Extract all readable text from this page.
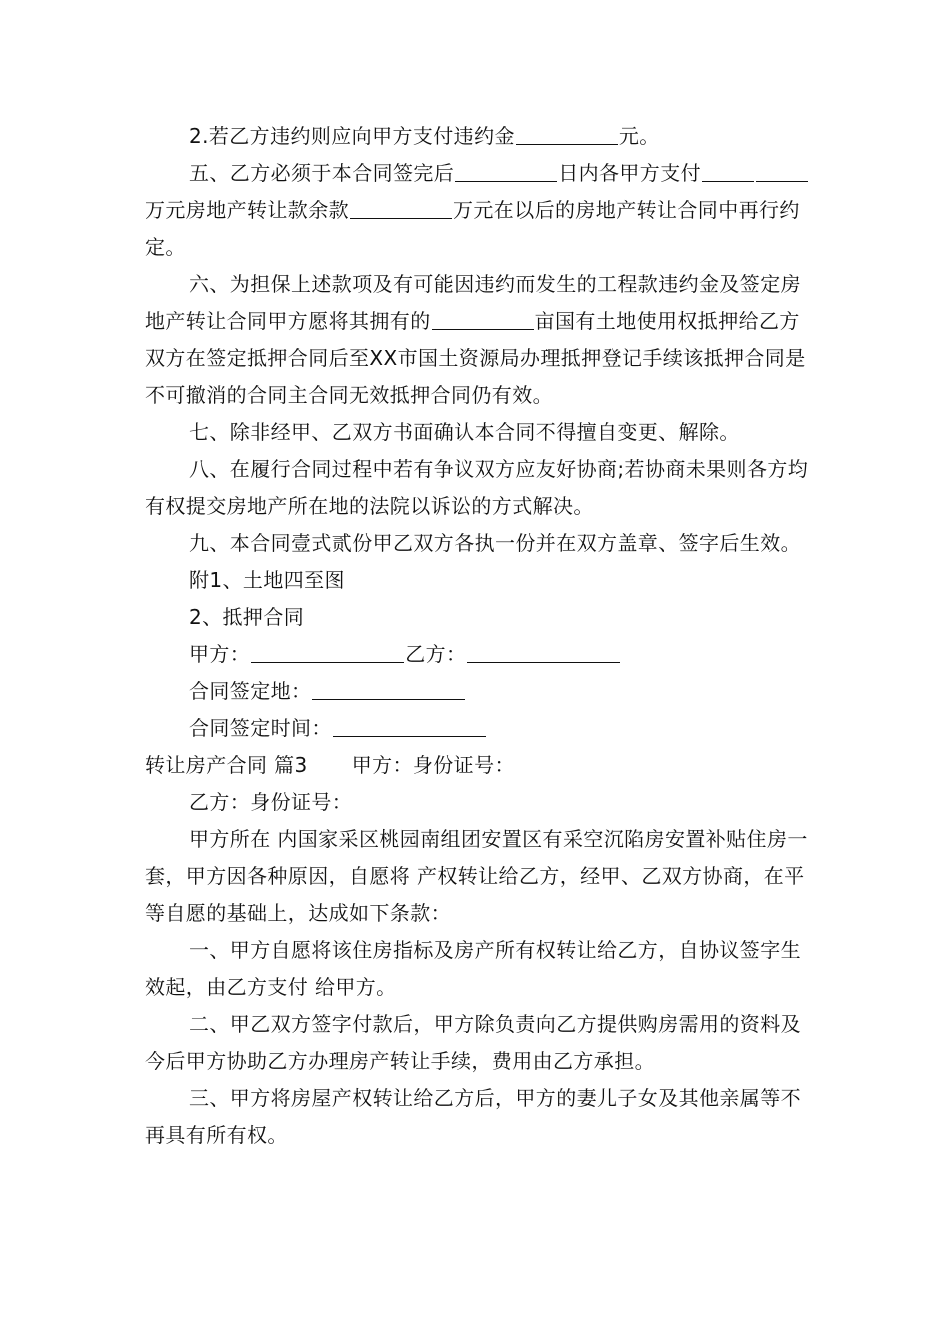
2.若乙方违约则应向甲方支付违约金	元。

五、乙方必须于本合同签完后	日内各甲方支付万元房地产转让款余款	万元在以后的房地产转让合同中再行约定。

六、为担保上述款项及有可能因违约而发生的工程款违约金及签定房地产转让合同甲方愿将其拥有的	亩国有土地使用权抵押给乙方双方在签定抵押合同后至XX市国土资源局办理抵押登记手续该抵押合同是不可撤消的合同主合同无效抵押合同仍有效。

七、除非经甲、乙双方书面确认本合同不得擅自变更、解除。

八、在履行合同过程中若有争议双方应友好协商;若协商未果则各方均有权提交房地产所在地的法院以诉讼的方式解决。

九、本合同壹式贰份甲乙双方各执一份并在双方盖章、签字后生效。

附1、土地四至图

2、抵押合同

甲方：	乙方：
合同签定地：
合同签定时间：
转让房产合同 篇3 甲方：身份证号：
乙方：身份证号：

甲方所在 内国家采区桃园南组团安置区有采空沉陷房安置补贴住房一套，甲方因各种原因，自愿将 产权转让给乙方，经甲、乙双方协商，在平等自愿的基础上，达成如下条款：

一、甲方自愿将该住房指标及房产所有权转让给乙方，自协议签字生效起，由乙方支付 给甲方。

二、甲乙双方签字付款后，甲方除负责向乙方提供购房需用的资料及今后甲方协助乙方办理房产转让手续，费用由乙方承担。

三、甲方将房屋产权转让给乙方后，甲方的妻儿子女及其他亲属等不再具有所有权。
